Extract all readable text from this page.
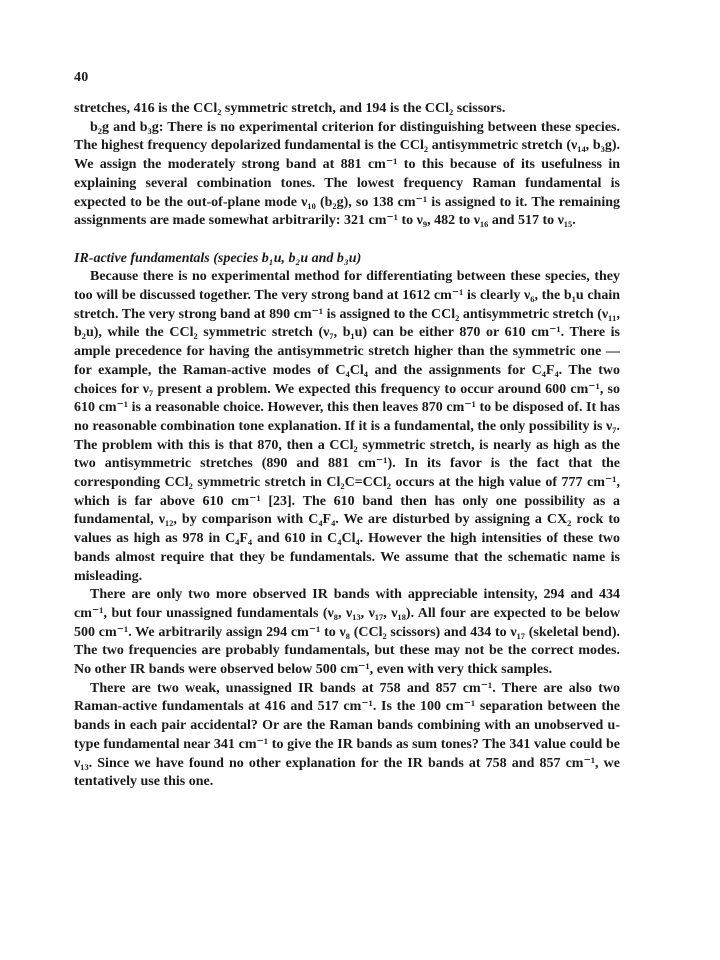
40

stretches, 416 is the CCl₂ symmetric stretch, and 194 is the CCl₂ scissors.

b₂g and b₃g: There is no experimental criterion for distinguishing between these species. The highest frequency depolarized fundamental is the CCl₂ antisymmetric stretch (ν₁₄, b₃g). We assign the moderately strong band at 881 cm⁻¹ to this because of its usefulness in explaining several combination tones. The lowest frequency Raman fundamental is expected to be the out-of-plane mode ν₁₀ (b₂g), so 138 cm⁻¹ is assigned to it. The remaining assignments are made somewhat arbitrarily: 321 cm⁻¹ to ν₉, 482 to ν₁₆ and 517 to ν₁₅.

IR-active fundamentals (species b₁u, b₂u and b₃u)

Because there is no experimental method for differentiating between these species, they too will be discussed together. The very strong band at 1612 cm⁻¹ is clearly ν₆, the b₁u chain stretch. The very strong band at 890 cm⁻¹ is assigned to the CCl₂ antisymmetric stretch (ν₁₁, b₂u), while the CCl₂ symmetric stretch (ν₇, b₁u) can be either 870 or 610 cm⁻¹. There is ample precedence for having the antisymmetric stretch higher than the symmetric one — for example, the Raman-active modes of C₄Cl₄ and the assignments for C₄F₄. The two choices for ν₇ present a problem. We expected this frequency to occur around 600 cm⁻¹, so 610 cm⁻¹ is a reasonable choice. However, this then leaves 870 cm⁻¹ to be disposed of. It has no reasonable combination tone explanation. If it is a fundamental, the only possibility is ν₇. The problem with this is that 870, then a CCl₂ symmetric stretch, is nearly as high as the two antisymmetric stretches (890 and 881 cm⁻¹). In its favor is the fact that the corresponding CCl₂ symmetric stretch in Cl₂C=CCl₂ occurs at the high value of 777 cm⁻¹, which is far above 610 cm⁻¹ [23]. The 610 band then has only one possibility as a fundamental, ν₁₂, by comparison with C₄F₄. We are disturbed by assigning a CX₂ rock to values as high as 978 in C₄F₄ and 610 in C₄Cl₄. However the high intensities of these two bands almost require that they be fundamentals. We assume that the schematic name is misleading.

There are only two more observed IR bands with appreciable intensity, 294 and 434 cm⁻¹, but four unassigned fundamentals (ν₈, ν₁₃, ν₁₇, ν₁₈). All four are expected to be below 500 cm⁻¹. We arbitrarily assign 294 cm⁻¹ to ν₈ (CCl₂ scissors) and 434 to ν₁₇ (skeletal bend). The two frequencies are probably fundamentals, but these may not be the correct modes. No other IR bands were observed below 500 cm⁻¹, even with very thick samples.

There are two weak, unassigned IR bands at 758 and 857 cm⁻¹. There are also two Raman-active fundamentals at 416 and 517 cm⁻¹. Is the 100 cm⁻¹ separation between the bands in each pair accidental? Or are the Raman bands combining with an unobserved u-type fundamental near 341 cm⁻¹ to give the IR bands as sum tones? The 341 value could be ν₁₃. Since we have found no other explanation for the IR bands at 758 and 857 cm⁻¹, we tentatively use this one.
